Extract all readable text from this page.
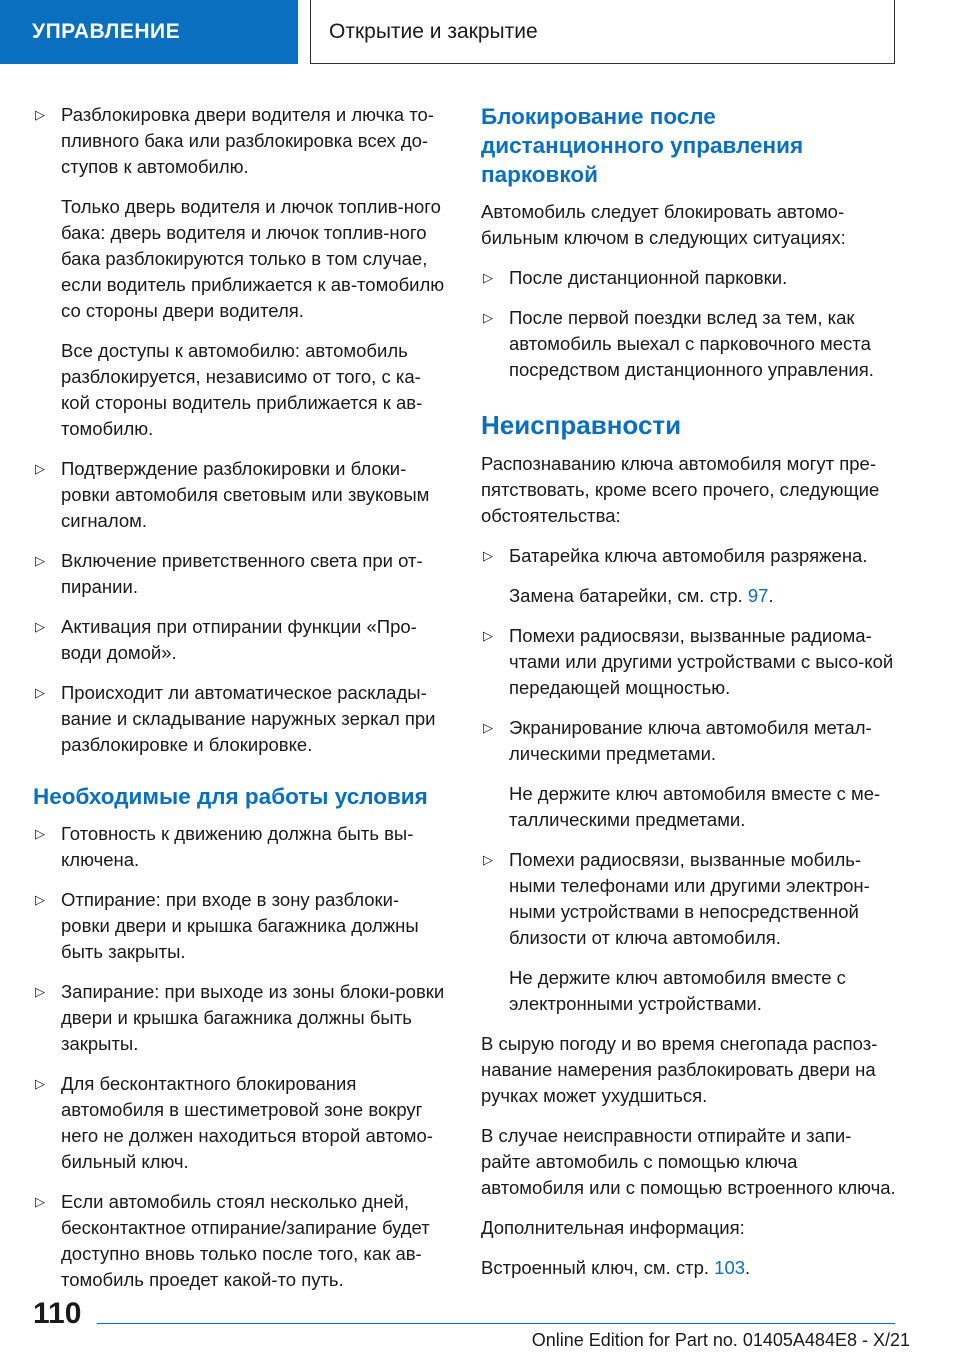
УПРАВЛЕНИЕ	Открытие и закрытие
▷ Разблокировка двери водителя и лючка то-пливного бака или разблокировка всех до-ступов к автомобилю.
Только дверь водителя и лючок топлив-ного бака: дверь водителя и лючок топлив-ного бака разблокируются только в том случае, если водитель приближается к ав-томобилю со стороны двери водителя.
Все доступы к автомобилю: автомобиль разблокируется, независимо от того, с ка-кой стороны водитель приближается к ав-томобилю.
▷ Подтверждение разблокировки и блоки-ровки автомобиля световым или звуковым сигналом.
▷ Включение приветственного света при от-пирании.
▷ Активация при отпирании функции «Про-води домой».
▷ Происходит ли автоматическое расклады-вание и складывание наружных зеркал при разблокировке и блокировке.
Необходимые для работы условия
▷ Готовность к движению должна быть вы-ключена.
▷ Отпирание: при входе в зону разблоки-ровки двери и крышка багажника должны быть закрыты.
▷ Запирание: при выходе из зоны блоки-ровки двери и крышка багажника должны быть закрыты.
▷ Для бесконтактного блокирования автомобиля в шестиметровой зоне вокруг него не должен находиться второй автомо-бильный ключ.
▷ Если автомобиль стоял несколько дней, бесконтактное отпирание/запирание будет доступно вновь только после того, как ав-томобиль проедет какой-то путь.
Блокирование после дистанционного управления парковкой
Автомобиль следует блокировать автомо-бильным ключом в следующих ситуациях:
▷ После дистанционной парковки.
▷ После первой поездки вслед за тем, как автомобиль выехал с парковочного места посредством дистанционного управления.
Неисправности
Распознаванию ключа автомобиля могут пре-пятствовать, кроме всего прочего, следующие обстоятельства:
▷ Батарейка ключа автомобиля разряжена.
Замена батарейки, см. стр. 97.
▷ Помехи радиосвязи, вызванные радиома-чтами или другими устройствами с высо-кой передающей мощностью.
▷ Экранирование ключа автомобиля метал-лическими предметами.
Не держите ключ автомобиля вместе с ме-таллическими предметами.
▷ Помехи радиосвязи, вызванные мобиль-ными телефонами или другими электрон-ными устройствами в непосредственной близости от ключа автомобиля.
Не держите ключ автомобиля вместе с электронными устройствами.
В сырую погоду и во время снегопада распоз-навание намерения разблокировать двери на ручках может ухудшиться.
В случае неисправности отпирайте и запи-райте автомобиль с помощью ключа автомобиля или с помощью встроенного ключа.
Дополнительная информация:
Встроенный ключ, см. стр. 103.
110
Online Edition for Part no. 01405A484E8 - X/21
